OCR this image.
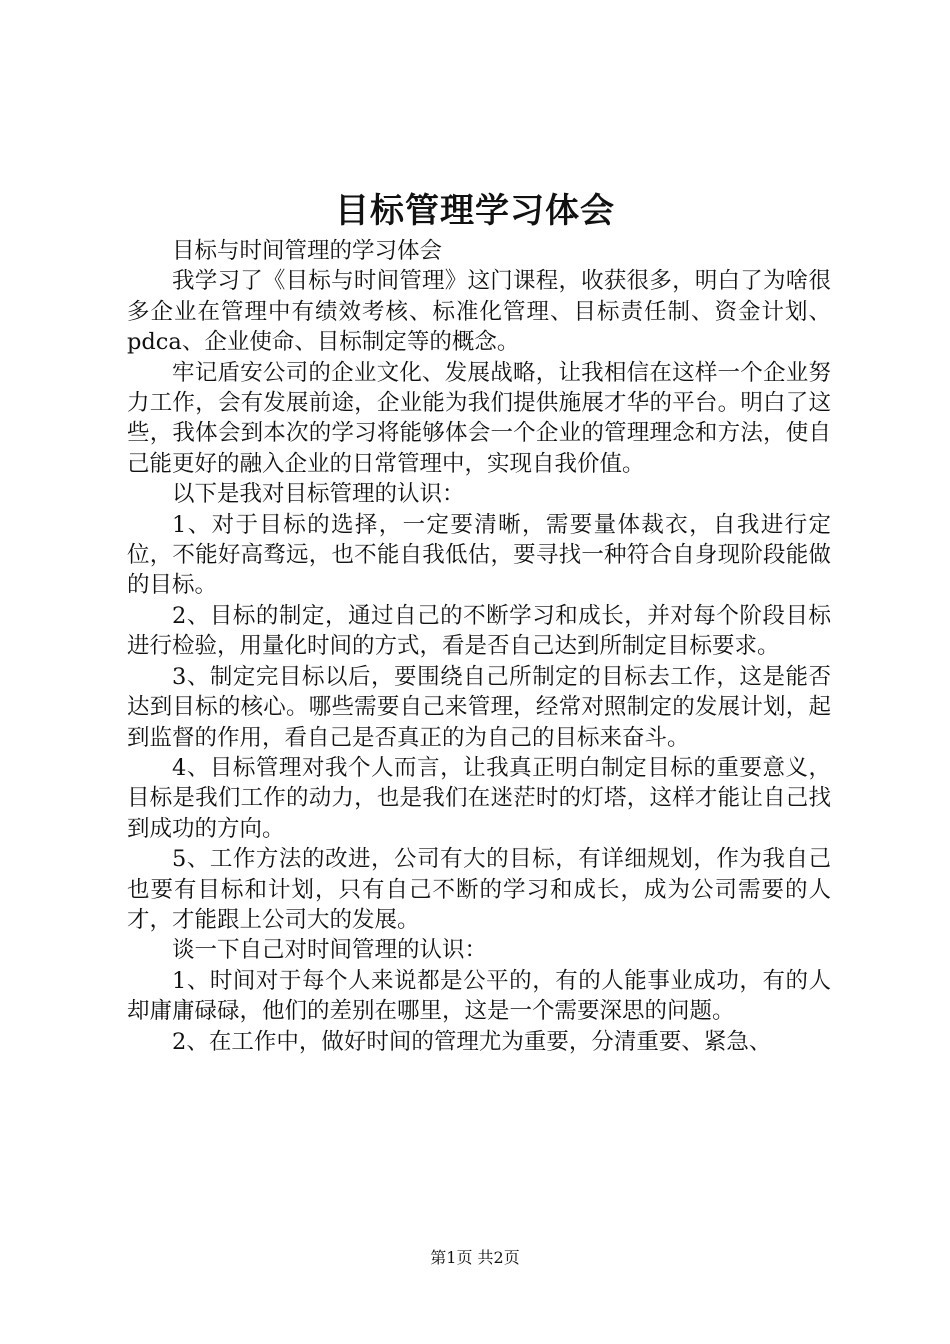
目标管理学习体会

目标与时间管理的学习体会

我学习了《目标与时间管理》这门课程，收获很多，明白了为啥很多企业在管理中有绩效考核、标准化管理、目标责任制、资金计划、pdca、企业使命、目标制定等的概念。

牢记盾安公司的企业文化、发展战略，让我相信在这样一个企业努力工作，会有发展前途，企业能为我们提供施展才华的平台。明白了这些，我体会到本次的学习将能够体会一个企业的管理理念和方法，使自己能更好的融入企业的日常管理中，实现自我价值。

以下是我对目标管理的认识：

1、对于目标的选择，一定要清晰，需要量体裁衣，自我进行定位，不能好高骛远，也不能自我低估，要寻找一种符合自身现阶段能做的目标。

2、目标的制定，通过自己的不断学习和成长，并对每个阶段目标进行检验，用量化时间的方式，看是否自己达到所制定目标要求。

3、制定完目标以后，要围绕自己所制定的目标去工作，这是能否达到目标的核心。哪些需要自己来管理，经常对照制定的发展计划，起到监督的作用，看自己是否真正的为自己的目标来奋斗。

4、目标管理对我个人而言，让我真正明白制定目标的重要意义，目标是我们工作的动力，也是我们在迷茫时的灯塔，这样才能让自己找到成功的方向。

5、工作方法的改进，公司有大的目标，有详细规划，作为我自己也要有目标和计划，只有自己不断的学习和成长，成为公司需要的人才，才能跟上公司大的发展。

谈一下自己对时间管理的认识：

1、时间对于每个人来说都是公平的，有的人能事业成功，有的人却庸庸碌碌，他们的差别在哪里，这是一个需要深思的问题。

2、在工作中，做好时间的管理尤为重要，分清重要、紧急、

第1页 共2页
